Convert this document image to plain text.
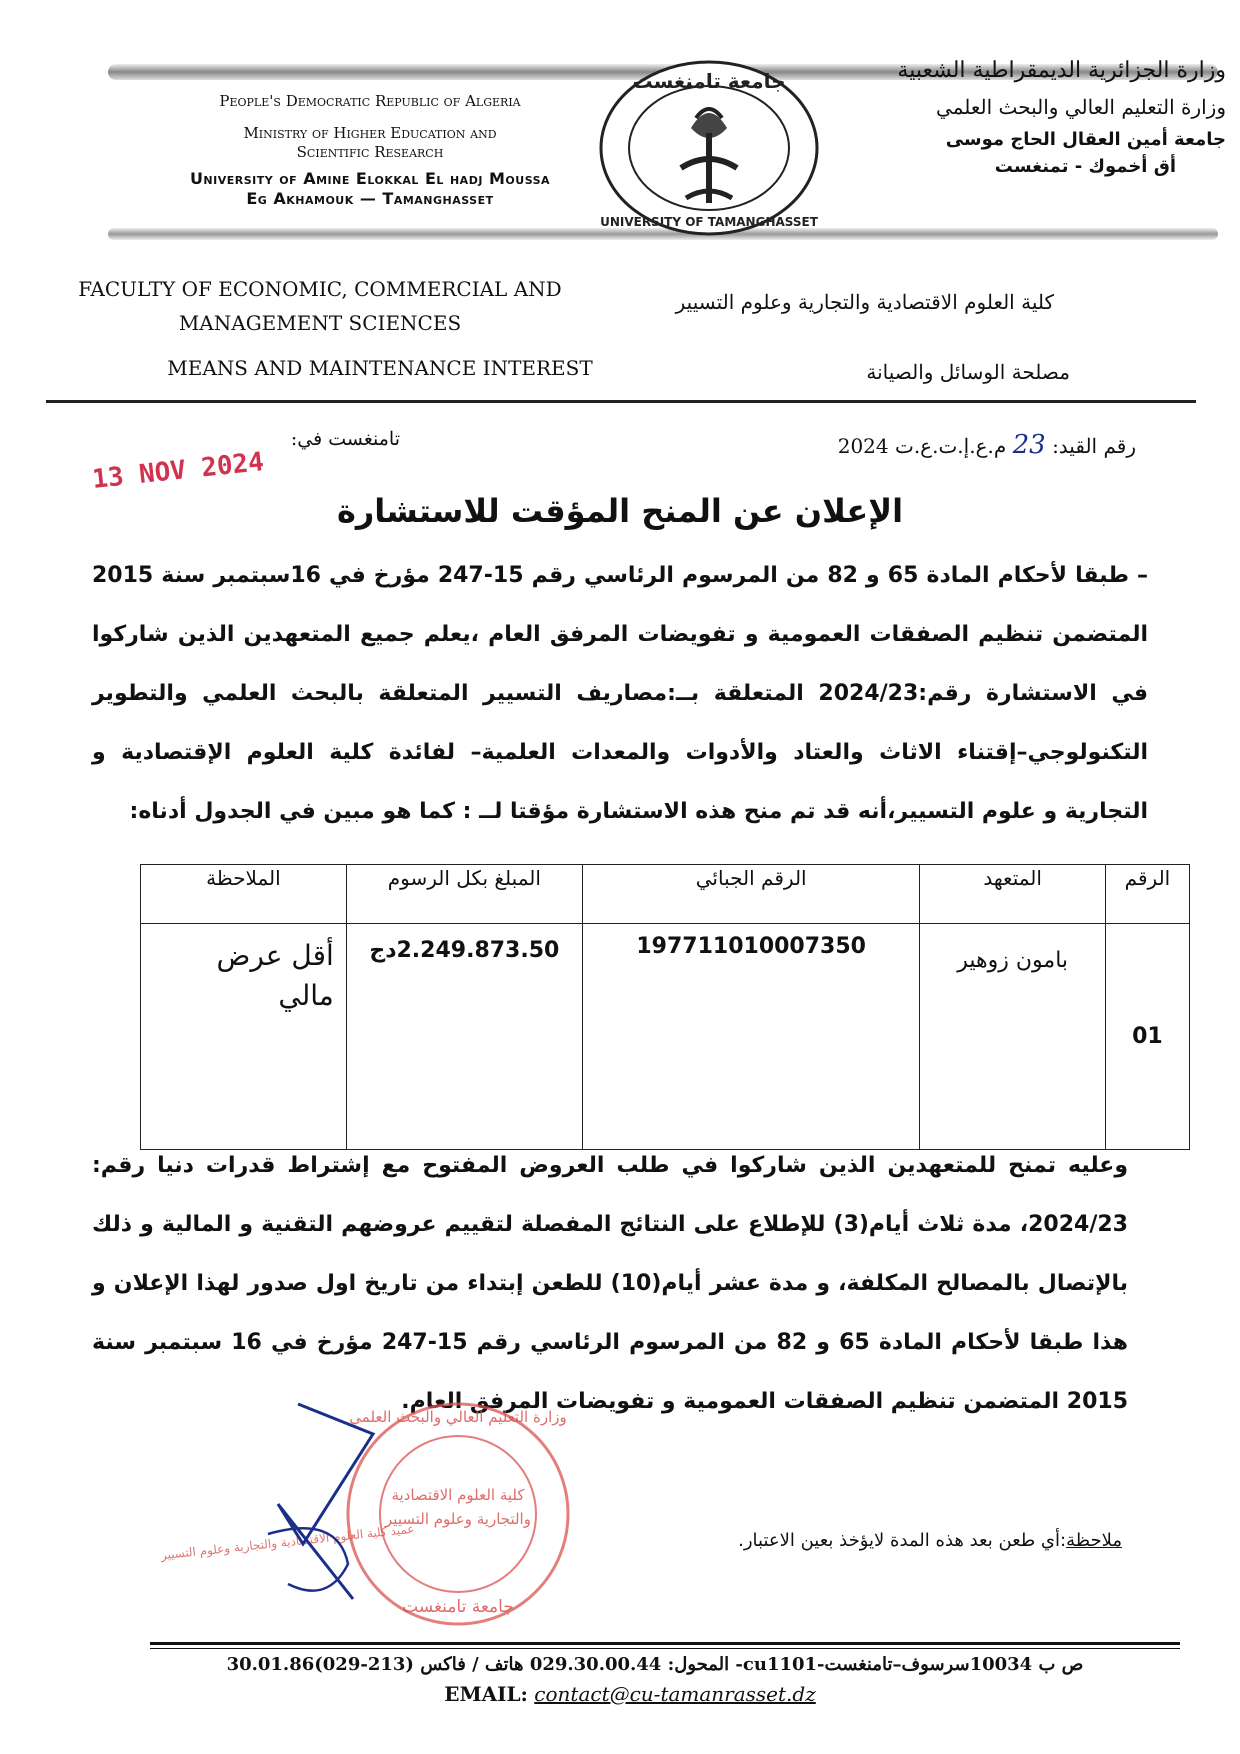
People's Democratic Republic of Algeria
Ministry of Higher Education and
Scientific Research
University of Amine Elokkal El hadj Moussa
Eg Akhamouk — Tamanghasset
جامعة تامنغست
UNIVERSITY OF TAMANGHASSET
وزارة الجزائرية الديمقراطية الشعبية
وزارة التعليم العالي والبحث العلمي
جامعة أمين العقال الحاج موسى
أق أخموك - تمنغست
FACULTY OF ECONOMIC, COMMERCIAL AND
MANAGEMENT SCIENCES
كلية العلوم الاقتصادية والتجارية وعلوم التسيير
MEANS AND MAINTENANCE INTEREST	مصلحة الوسائل والصيانة
رقم القيد: 23 م.ع.إ.ت.ع.ت 2024
تامنغست في:
13 NOV 2024
الإعلان عن المنح المؤقت للاستشارة
– طبقا لأحكام المادة 65 و 82 من المرسوم الرئاسي رقم 15-247 مؤرخ في 16سبتمبر سنة 2015 المتضمن تنظيم الصفقات العمومية و تفويضات المرفق العام ،يعلم جميع المتعهدين الذين شاركوا في الاستشارة رقم:2024/23 المتعلقة بــ:مصاريف التسيير المتعلقة بالبحث العلمي والتطوير التكنولوجي–إقتناء الاثاث والعتاد والأدوات والمعدات العلمية– لفائدة كلية العلوم الإقتصادية و التجارية و علوم التسيير،أنه قد تم منح هذه الاستشارة مؤقتا لــ : كما هو مبين في الجدول أدناه:
الرقم	المتعهد	الرقم الجبائي	المبلغ بكل الرسوم	الملاحظة
01	بامون زوهير	197711010007350	2.249.873.50دج	أقل عرض مالي
وعليه تمنح للمتعهدين الذين شاركوا في طلب العروض المفتوح مع إشتراط قدرات دنيا رقم: 2024/23، مدة ثلاث أيام(3) للإطلاع على النتائج المفصلة لتقييم عروضهم التقنية و المالية و ذلك بالإتصال بالمصالح المكلفة، و مدة عشر أيام(10) للطعن إبتداء من تاريخ اول صدور لهذا الإعلان و هذا طبقا لأحكام المادة 65 و 82 من المرسوم الرئاسي رقم 15-247 مؤرخ في 16 سبتمبر سنة 2015 المتضمن تنظيم الصفقات العمومية و تفويضات المرفق العام.
وزارة التعليم العالي والبحث العلمي
كلية العلوم الاقتصادية
والتجارية وعلوم التسيير
جامعة تامنغست
عميد كلية العلوم الاقتصادية والتجارية وعلوم التسيير	ملاحظة:أي طعن بعد هذه المدة لايؤخذ بعين الاعتبار.
ص ب 10034سرسوف–تامنغست-cu1101- المحول: 029.30.00.44 هاتف / فاكس (213-029)30.01.86
EMAIL: contact@cu-tamanrasset.dz
